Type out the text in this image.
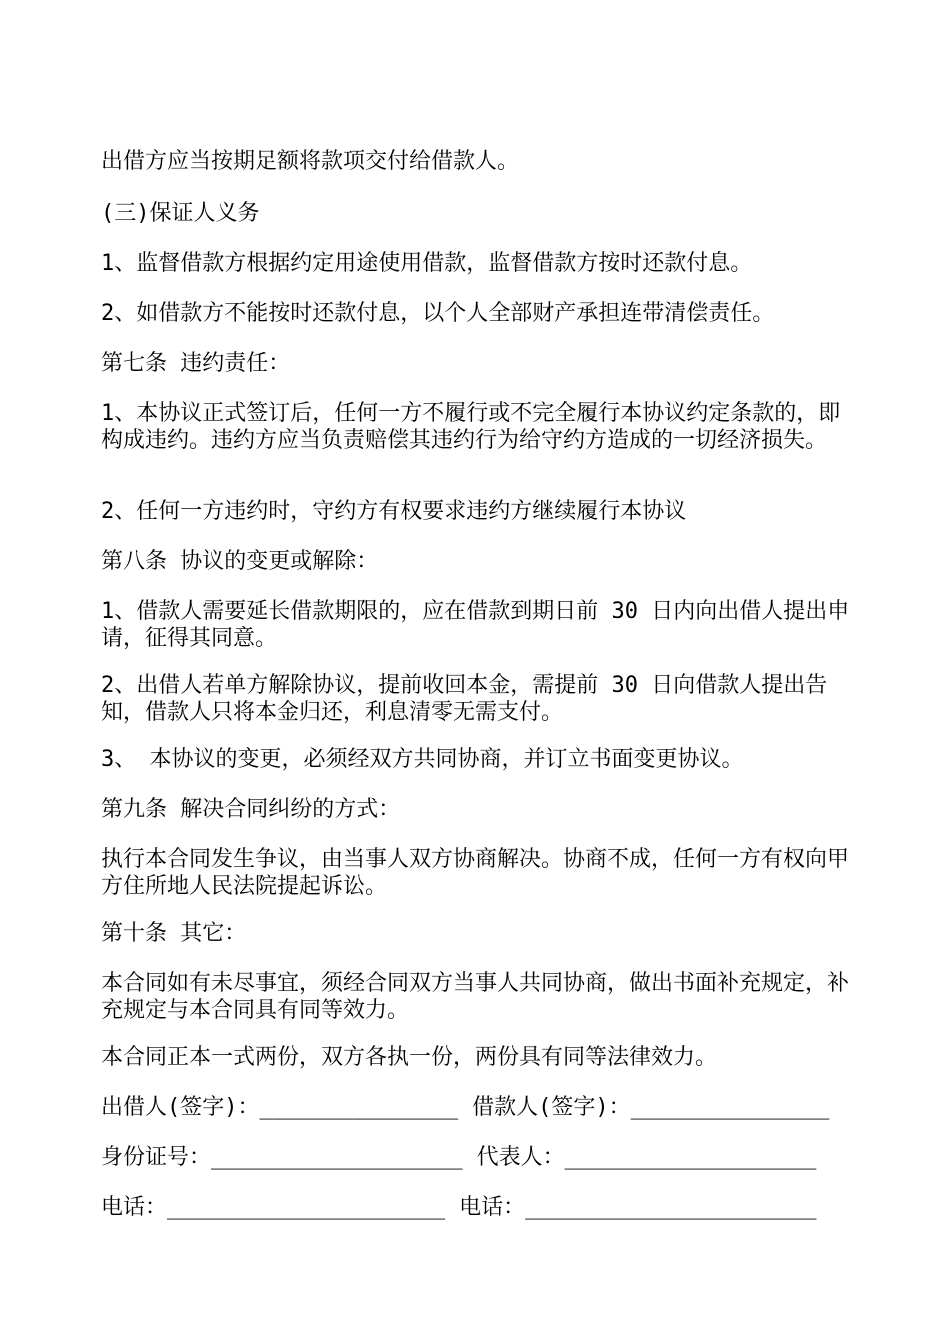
出借方应当按期足额将款项交付给借款人。

(三)保证人义务

1、监督借款方根据约定用途使用借款，监督借款方按时还款付息。

2、如借款方不能按时还款付息，以个人全部财产承担连带清偿责任。

第七条 违约责任：

1、本协议正式签订后，任何一方不履行或不完全履行本协议约定条款的，即构成违约。违约方应当负责赔偿其违约行为给守约方造成的一切经济损失。

2、任何一方违约时，守约方有权要求违约方继续履行本协议

第八条 协议的变更或解除：

1、借款人需要延长借款期限的，应在借款到期日前 30 日内向出借人提出申请，征得其同意。

2、出借人若单方解除协议，提前收回本金，需提前 30 日向借款人提出告知，借款人只将本金归还，利息清零无需支付。

3、 本协议的变更，必须经双方共同协商，并订立书面变更协议。

第九条 解决合同纠纷的方式：

执行本合同发生争议，由当事人双方协商解决。协商不成，任何一方有权向甲方住所地人民法院提起诉讼。

第十条 其它：

本合同如有未尽事宜，须经合同双方当事人共同协商，做出书面补充规定，补充规定与本合同具有同等效力。

本合同正本一式两份，双方各执一份，两份具有同等法律效力。

出借人(签字)：_______________ 借款人(签字)：_______________
身份证号：___________________ 代表人：___________________
电话：_____________________ 电话：______________________
